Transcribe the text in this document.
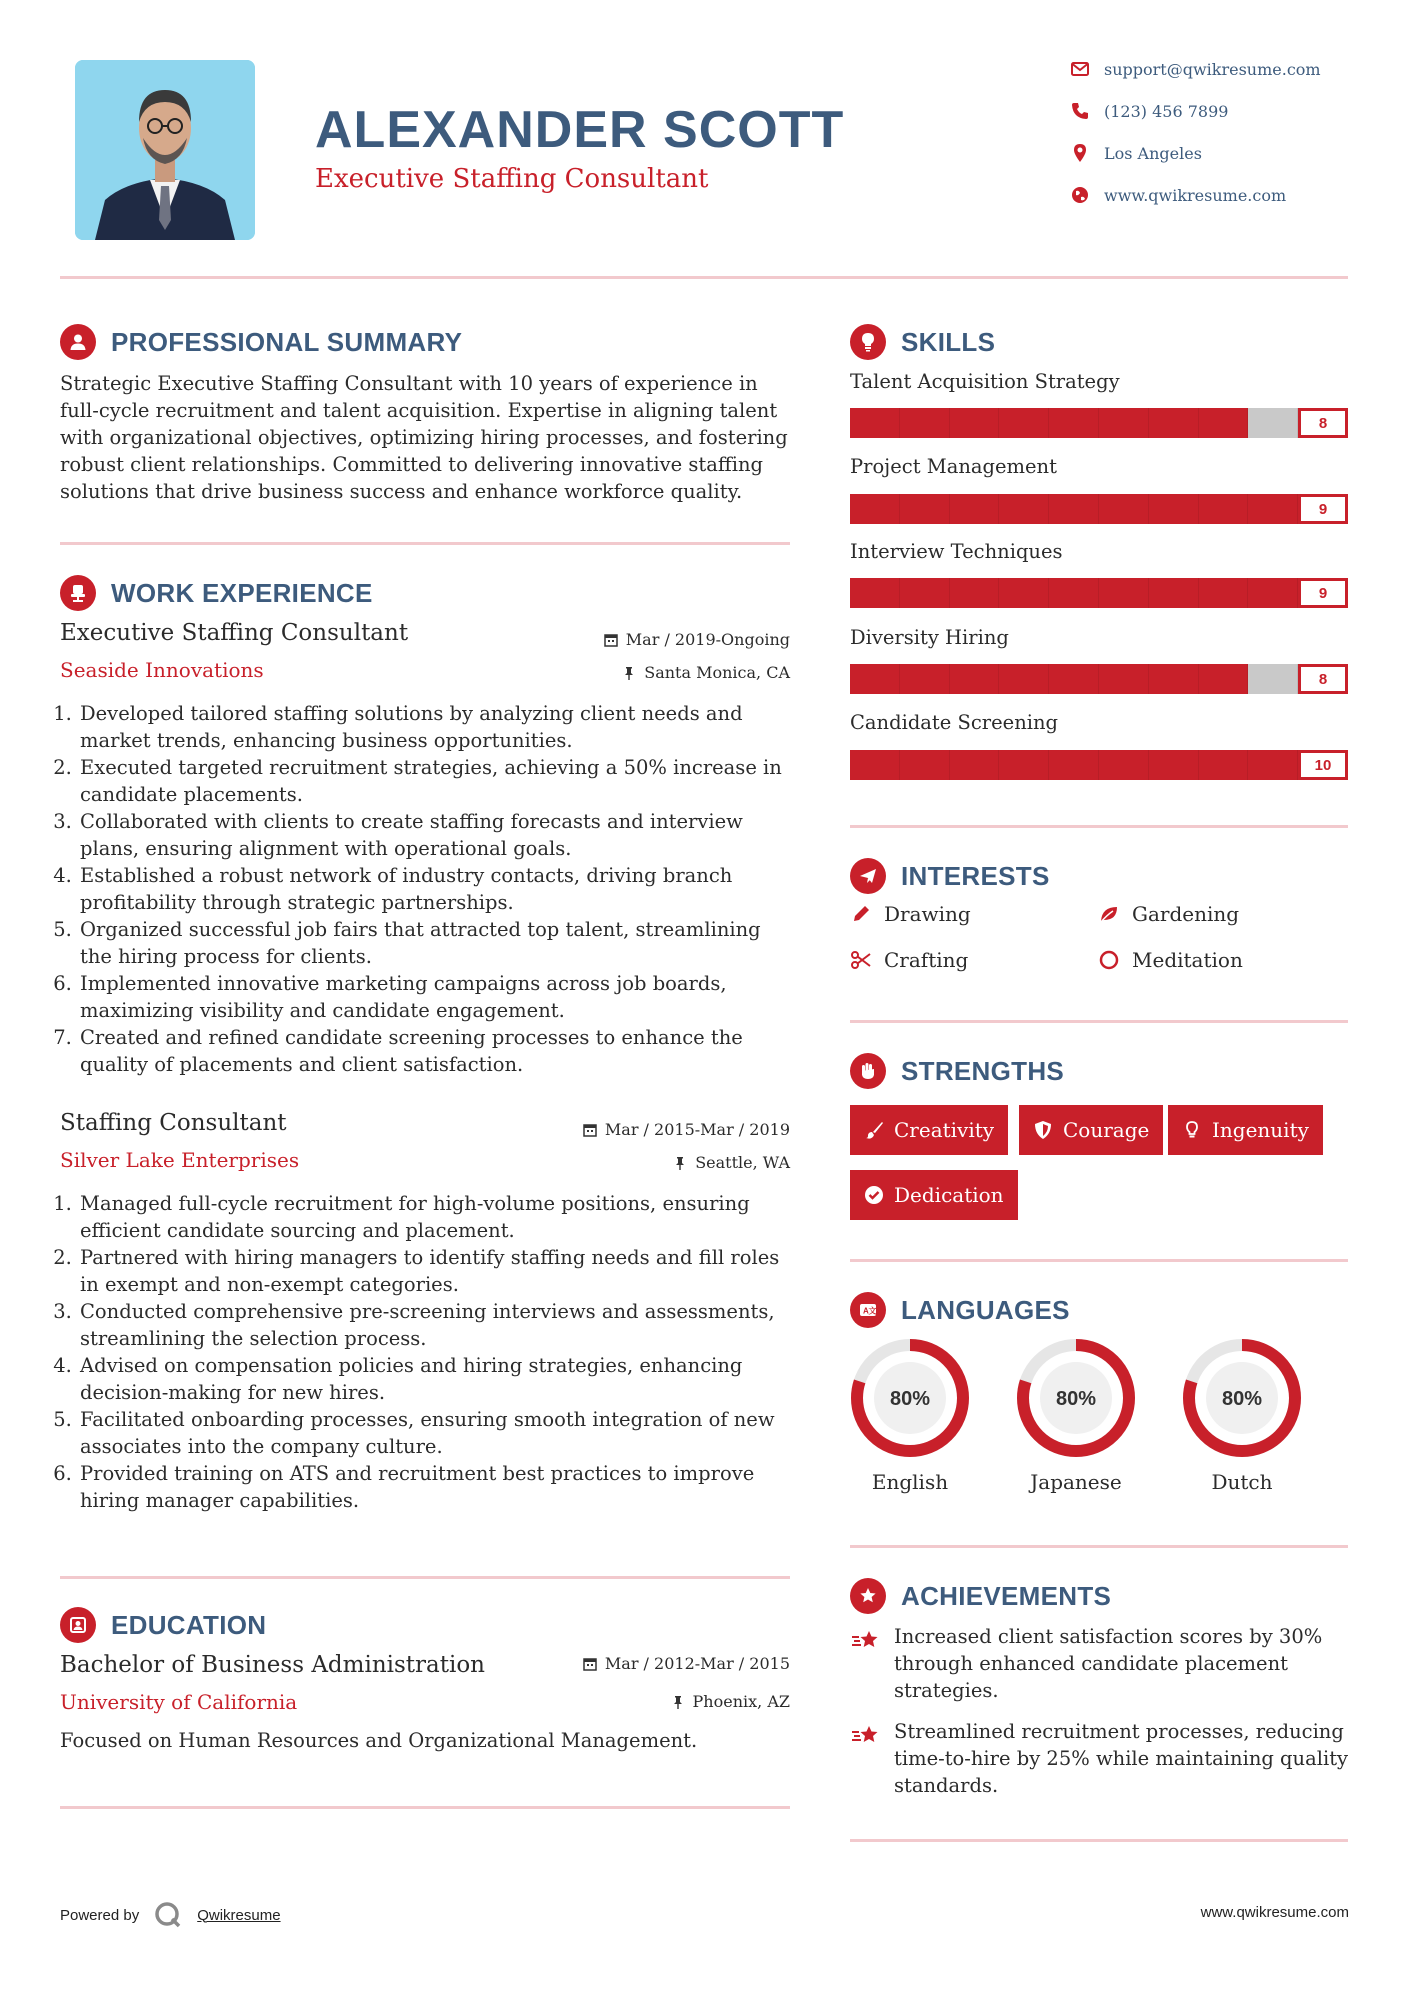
ALEXANDER SCOTT
Executive Staffing Consultant
support@qwikresume.com
(123) 456 7899
Los Angeles
www.qwikresume.com
PROFESSIONAL SUMMARY
Strategic Executive Staffing Consultant with 10 years of experience in full-cycle recruitment and talent acquisition. Expertise in aligning talent with organizational objectives, optimizing hiring processes, and fostering robust client relationships. Committed to delivering innovative staffing solutions that drive business success and enhance workforce quality.
WORK EXPERIENCE
Executive Staffing Consultant
Seaside Innovations
Mar / 2019-Ongoing
Santa Monica, CA
1. Developed tailored staffing solutions by analyzing client needs and market trends, enhancing business opportunities.
2. Executed targeted recruitment strategies, achieving a 50% increase in candidate placements.
3. Collaborated with clients to create staffing forecasts and interview plans, ensuring alignment with operational goals.
4. Established a robust network of industry contacts, driving branch profitability through strategic partnerships.
5. Organized successful job fairs that attracted top talent, streamlining the hiring process for clients.
6. Implemented innovative marketing campaigns across job boards, maximizing visibility and candidate engagement.
7. Created and refined candidate screening processes to enhance the quality of placements and client satisfaction.
Staffing Consultant
Silver Lake Enterprises
Mar / 2015-Mar / 2019
Seattle, WA
1. Managed full-cycle recruitment for high-volume positions, ensuring efficient candidate sourcing and placement.
2. Partnered with hiring managers to identify staffing needs and fill roles in exempt and non-exempt categories.
3. Conducted comprehensive pre-screening interviews and assessments, streamlining the selection process.
4. Advised on compensation policies and hiring strategies, enhancing decision-making for new hires.
5. Facilitated onboarding processes, ensuring smooth integration of new associates into the company culture.
6. Provided training on ATS and recruitment best practices to improve hiring manager capabilities.
EDUCATION
Bachelor of Business Administration
University of California
Mar / 2012-Mar / 2015
Phoenix, AZ
Focused on Human Resources and Organizational Management.
SKILLS
Talent Acquisition Strategy
8
Project Management
9
Interview Techniques
9
Diversity Hiring
8
Candidate Screening
10
INTERESTS
Drawing	Gardening
Crafting	Meditation
STRENGTHS
Creativity	Courage	Ingenuity
Dedication
A 文 LANGUAGES
80%
English
80%
Japanese
80%
Dutch
ACHIEVEMENTS
Increased client satisfaction scores by 30% through enhanced candidate placement strategies.
Streamlined recruitment processes, reducing time-to-hire by 25% while maintaining quality standards.
Powered by	Qwikresume	www.qwikresume.com
